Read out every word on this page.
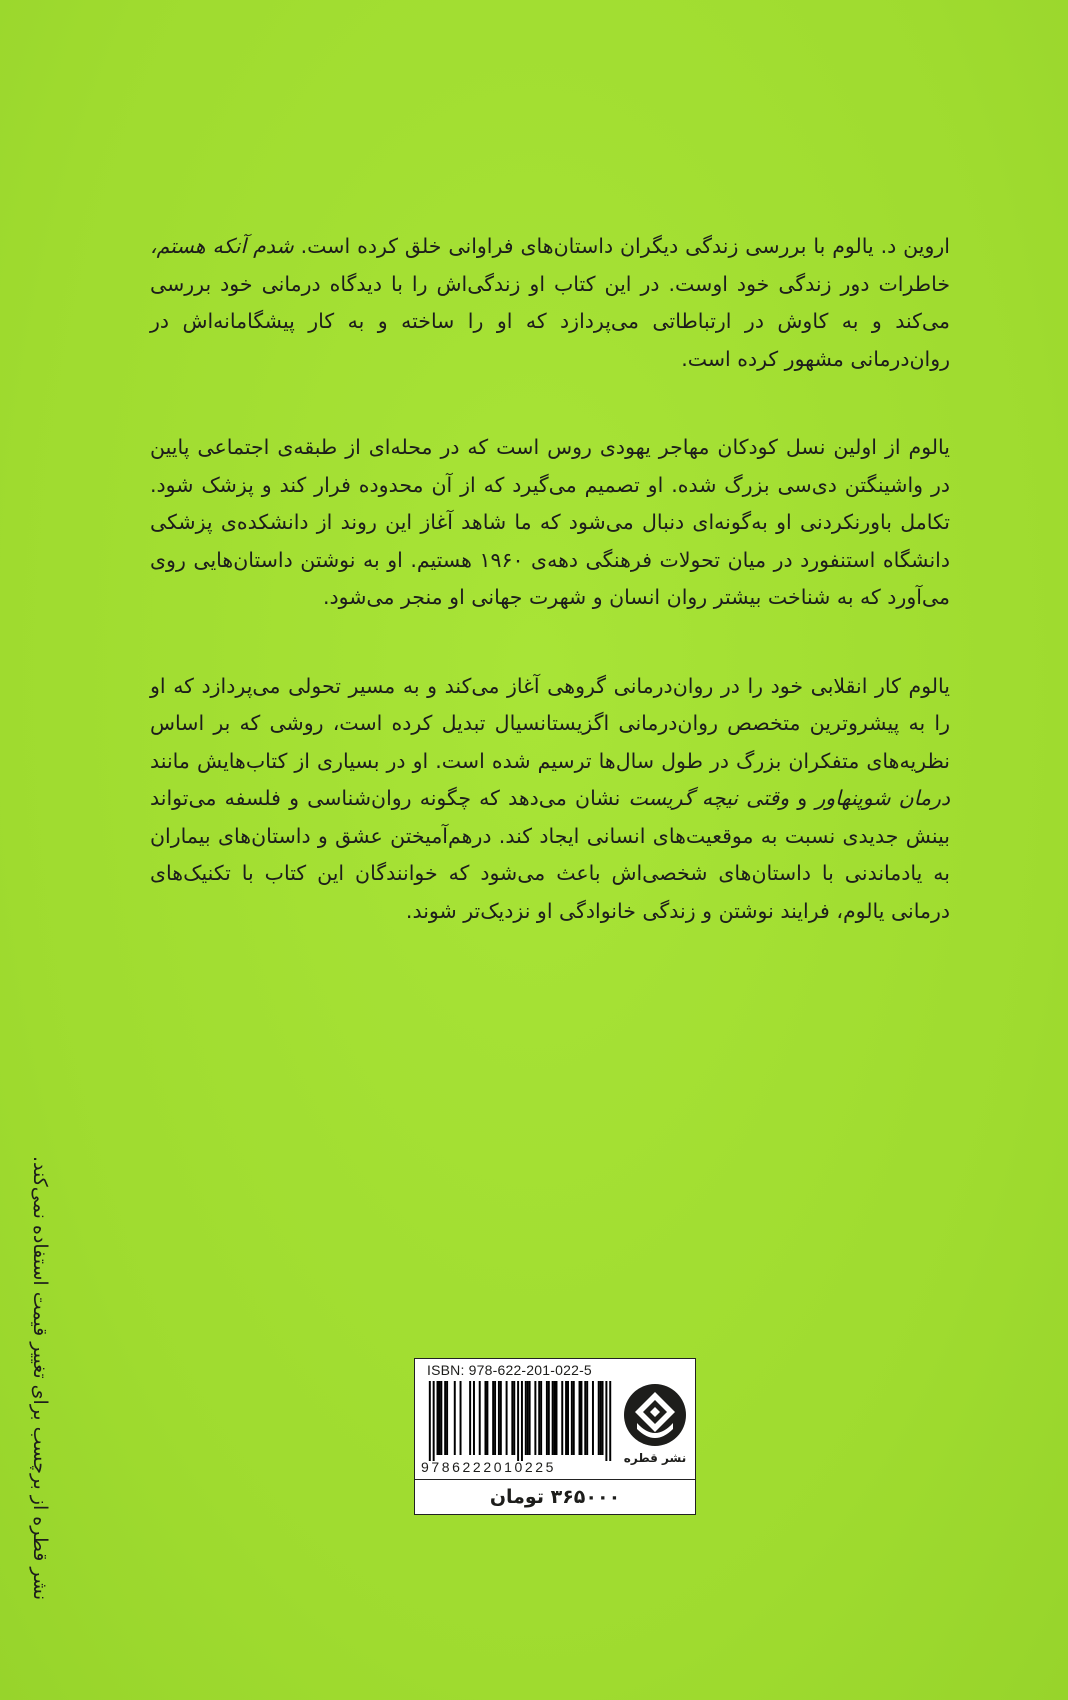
اروین د. یالوم با بررسی زندگی دیگران داستان‌های فراوانی خلق کرده است. شدم آنکه هستم، خاطرات دور زندگی خود اوست. در این کتاب او زندگی‌اش را با دیدگاه درمانی خود بررسی می‌کند و به کاوش در ارتباطاتی می‌پردازد که او را ساخته و به کار پیشگامانه‌اش در روان‌درمانی مشهور کرده است.

یالوم از اولین نسل کودکان مهاجر یهودی روس است که در محله‌ای از طبقه‌ی اجتماعی پایین در واشینگتن دی‌سی بزرگ شده. او تصمیم می‌گیرد که از آن محدوده فرار کند و پزشک شود. تکامل باورنکردنی او به‌گونه‌ای دنبال می‌شود که ما شاهد آغاز این روند از دانشکده‌ی پزشکی دانشگاه استنفورد در میان تحولات فرهنگی دهه‌ی ۱۹۶۰ هستیم. او به نوشتن داستان‌هایی روی می‌آورد که به شناخت بیشتر روان انسان و شهرت جهانی او منجر می‌شود.

یالوم کار انقلابی خود را در روان‌درمانی گروهی آغاز می‌کند و به مسیر تحولی می‌پردازد که او را به پیشروترین متخصص روان‌درمانی اگزیستانسیال تبدیل کرده است، روشی که بر اساس نظریه‌های متفکران بزرگ در طول سال‌ها ترسیم شده است. او در بسیاری از کتاب‌هایش مانند درمان شوپنهاور و وقتی نیچه گریست نشان می‌دهد که چگونه روان‌شناسی و فلسفه می‌تواند بینش جدیدی نسبت به موقعیت‌های انسانی ایجاد کند. درهم‌آمیختن عشق و داستان‌های بیماران به یادماندنی با داستان‌های شخصی‌اش باعث می‌شود که خوانندگان این کتاب با تکنیک‌های درمانی یالوم، فرایند نوشتن و زندگی خانوادگی او نزدیک‌تر شوند.

نشر قطره از برچسب برای تغییر قیمت استفاده نمی‌کند.	ISBN: 978-622-201-022-5
9786222010225
نشر قطره
۳۶۵۰۰۰ تومان
